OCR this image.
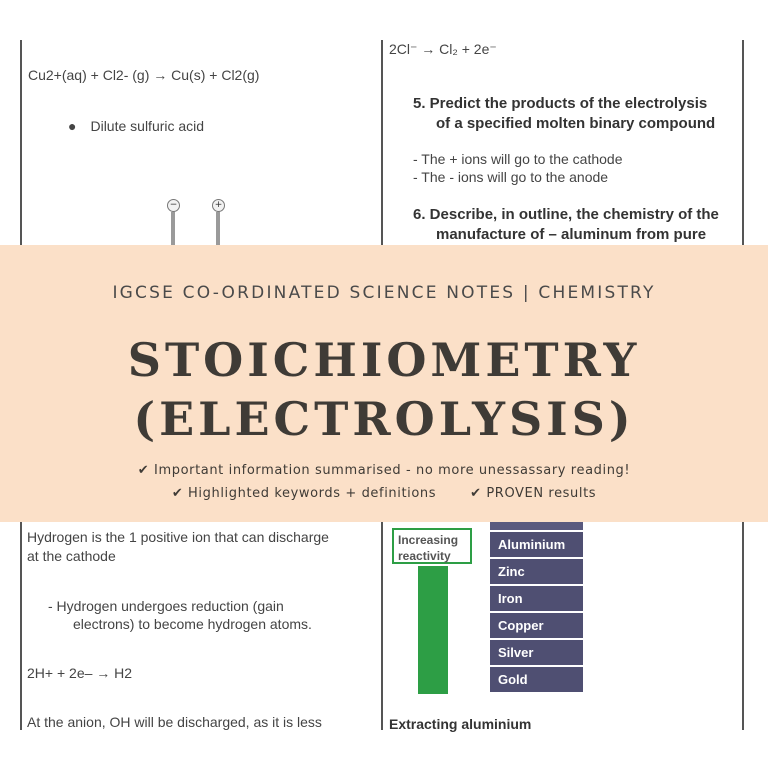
Cu2+(aq) + Cl2- (g) → Cu(s) + Cl2(g)
● Dilute sulfuric acid
−	+
2Cl⁻ → Cl₂ + 2e⁻
5. Predict the products of the electrolysis
of a specified molten binary compound
- The + ions will go to the cathode
- The - ions will go to the anode
6. Describe, in outline, the chemistry of the
manufacture of – aluminum from pure
Hydrogen is the 1 positive ion that can discharge
at the cathode
- Hydrogen undergoes reduction (gain
electrons) to become hydrogen atoms.
2H+ + 2e– → H2
At the anion, OH will be discharged, as it is less
Increasing reactivity
Aluminium
Zinc
Iron
Copper
Silver
Gold
Extracting aluminium
IGCSE CO-ORDINATED SCIENCE NOTES | CHEMISTRY
STOICHIOMETRY
(ELECTROLYSIS)
✔ Important information summarised - no more unessassary reading!
✔ Highlighted keywords + definitions	✔ PROVEN results
